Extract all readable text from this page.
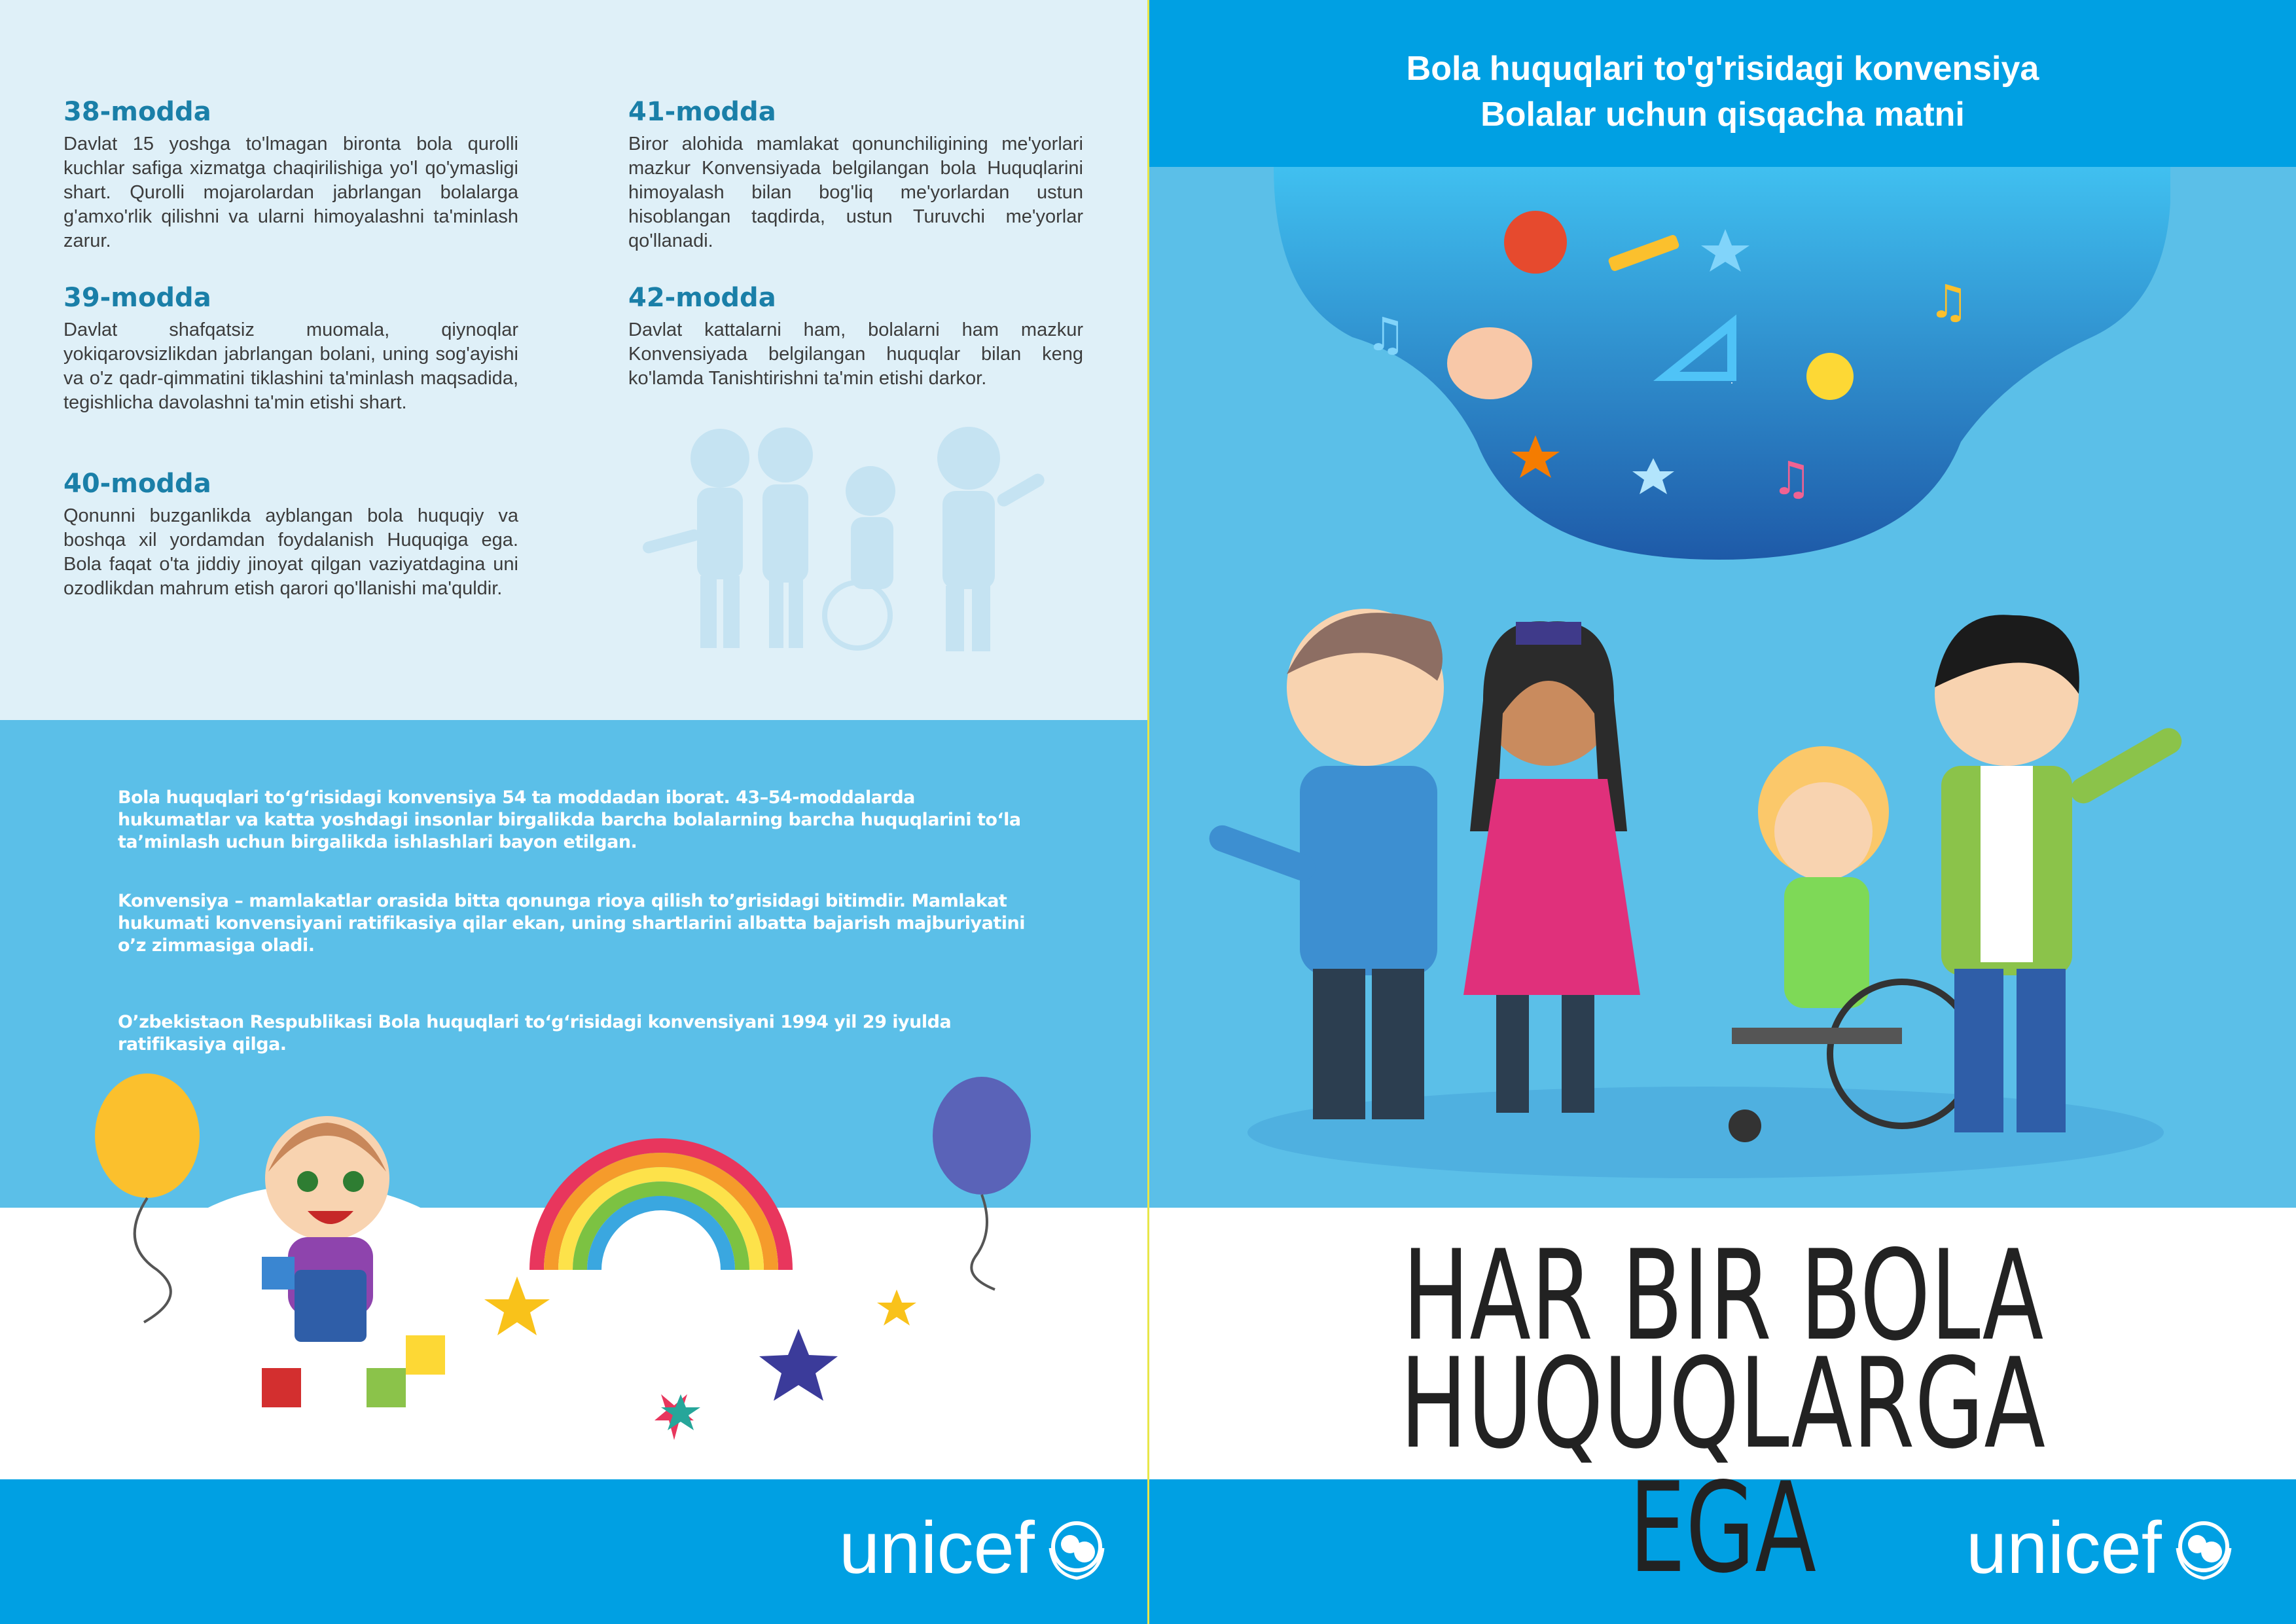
38-modda

Davlat 15 yoshga to'lmagan bironta bola qurolli kuchlar safiga xizmatga chaqirilishiga yo'l qo'ymasligi shart. Qurolli mojarolardan jabrlangan bolalarga g'amxo'rlik qilishni va ularni himoyalashni ta'minlash zarur.

39-modda

Davlat shafqatsiz muomala, qiynoqlar yokiqarovsizlikdan jabrlangan bolani, uning sog'ayishi va o'z qadr-qimmatini tiklashini ta'minlash maqsadida, tegishlicha davolashni ta'min etishi shart.

40-modda

Qonunni buzganlikda ayblangan bola huquqiy va boshqa xil yordamdan foydalanish Huquqiga ega. Bola faqat o'ta jiddiy jinoyat qilgan vaziyatdagina uni ozodlikdan mahrum etish qarori qo'llanishi ma'quldir.

41-modda

Biror alohida mamlakat qonunchiligining me'yorlari mazkur Konvensiyada belgilangan bola Huquqlarini himoyalash bilan bog'liq me'yorlardan ustun hisoblangan taqdirda, ustun Turuvchi me'yorlar qo'llanadi.

42-modda

Davlat kattalarni ham, bolalarni ham mazkur Konvensiyada belgilangan huquqlar bilan keng ko'lamda Tanishtirishni ta'min etishi darkor.

Bola huquqlari to‘g‘risidagi konvensiya 54 ta moddadan iborat. 43–54-moddalarda hukumatlar va katta yoshdagi insonlar birgalikda barcha bolalarning barcha huquqlarini to‘la ta’minlash uchun birgalikda ishlashlari bayon etilgan.

Konvensiya – mamlakatlar orasida bitta qonunga rioya qilish to’grisidagi bitimdir. Mamlakat hukumati konvensiyani ratifikasiya qilar ekan, uning shartlarini albatta bajarish majburiyatini o’z zimmasiga oladi.

O’zbekistaon Respublikasi Bola huquqlari to‘g‘risidagi konvensiyani 1994 yil 29 iyulda ratifikasiya qilga.

unicef
Bola huquqlari to'g'risidagi konvensiya
Bolalar uchun qisqacha matni
♫
♫
♫
HAR BIR BOLA
HUQUQLARGA EGA	unicef
